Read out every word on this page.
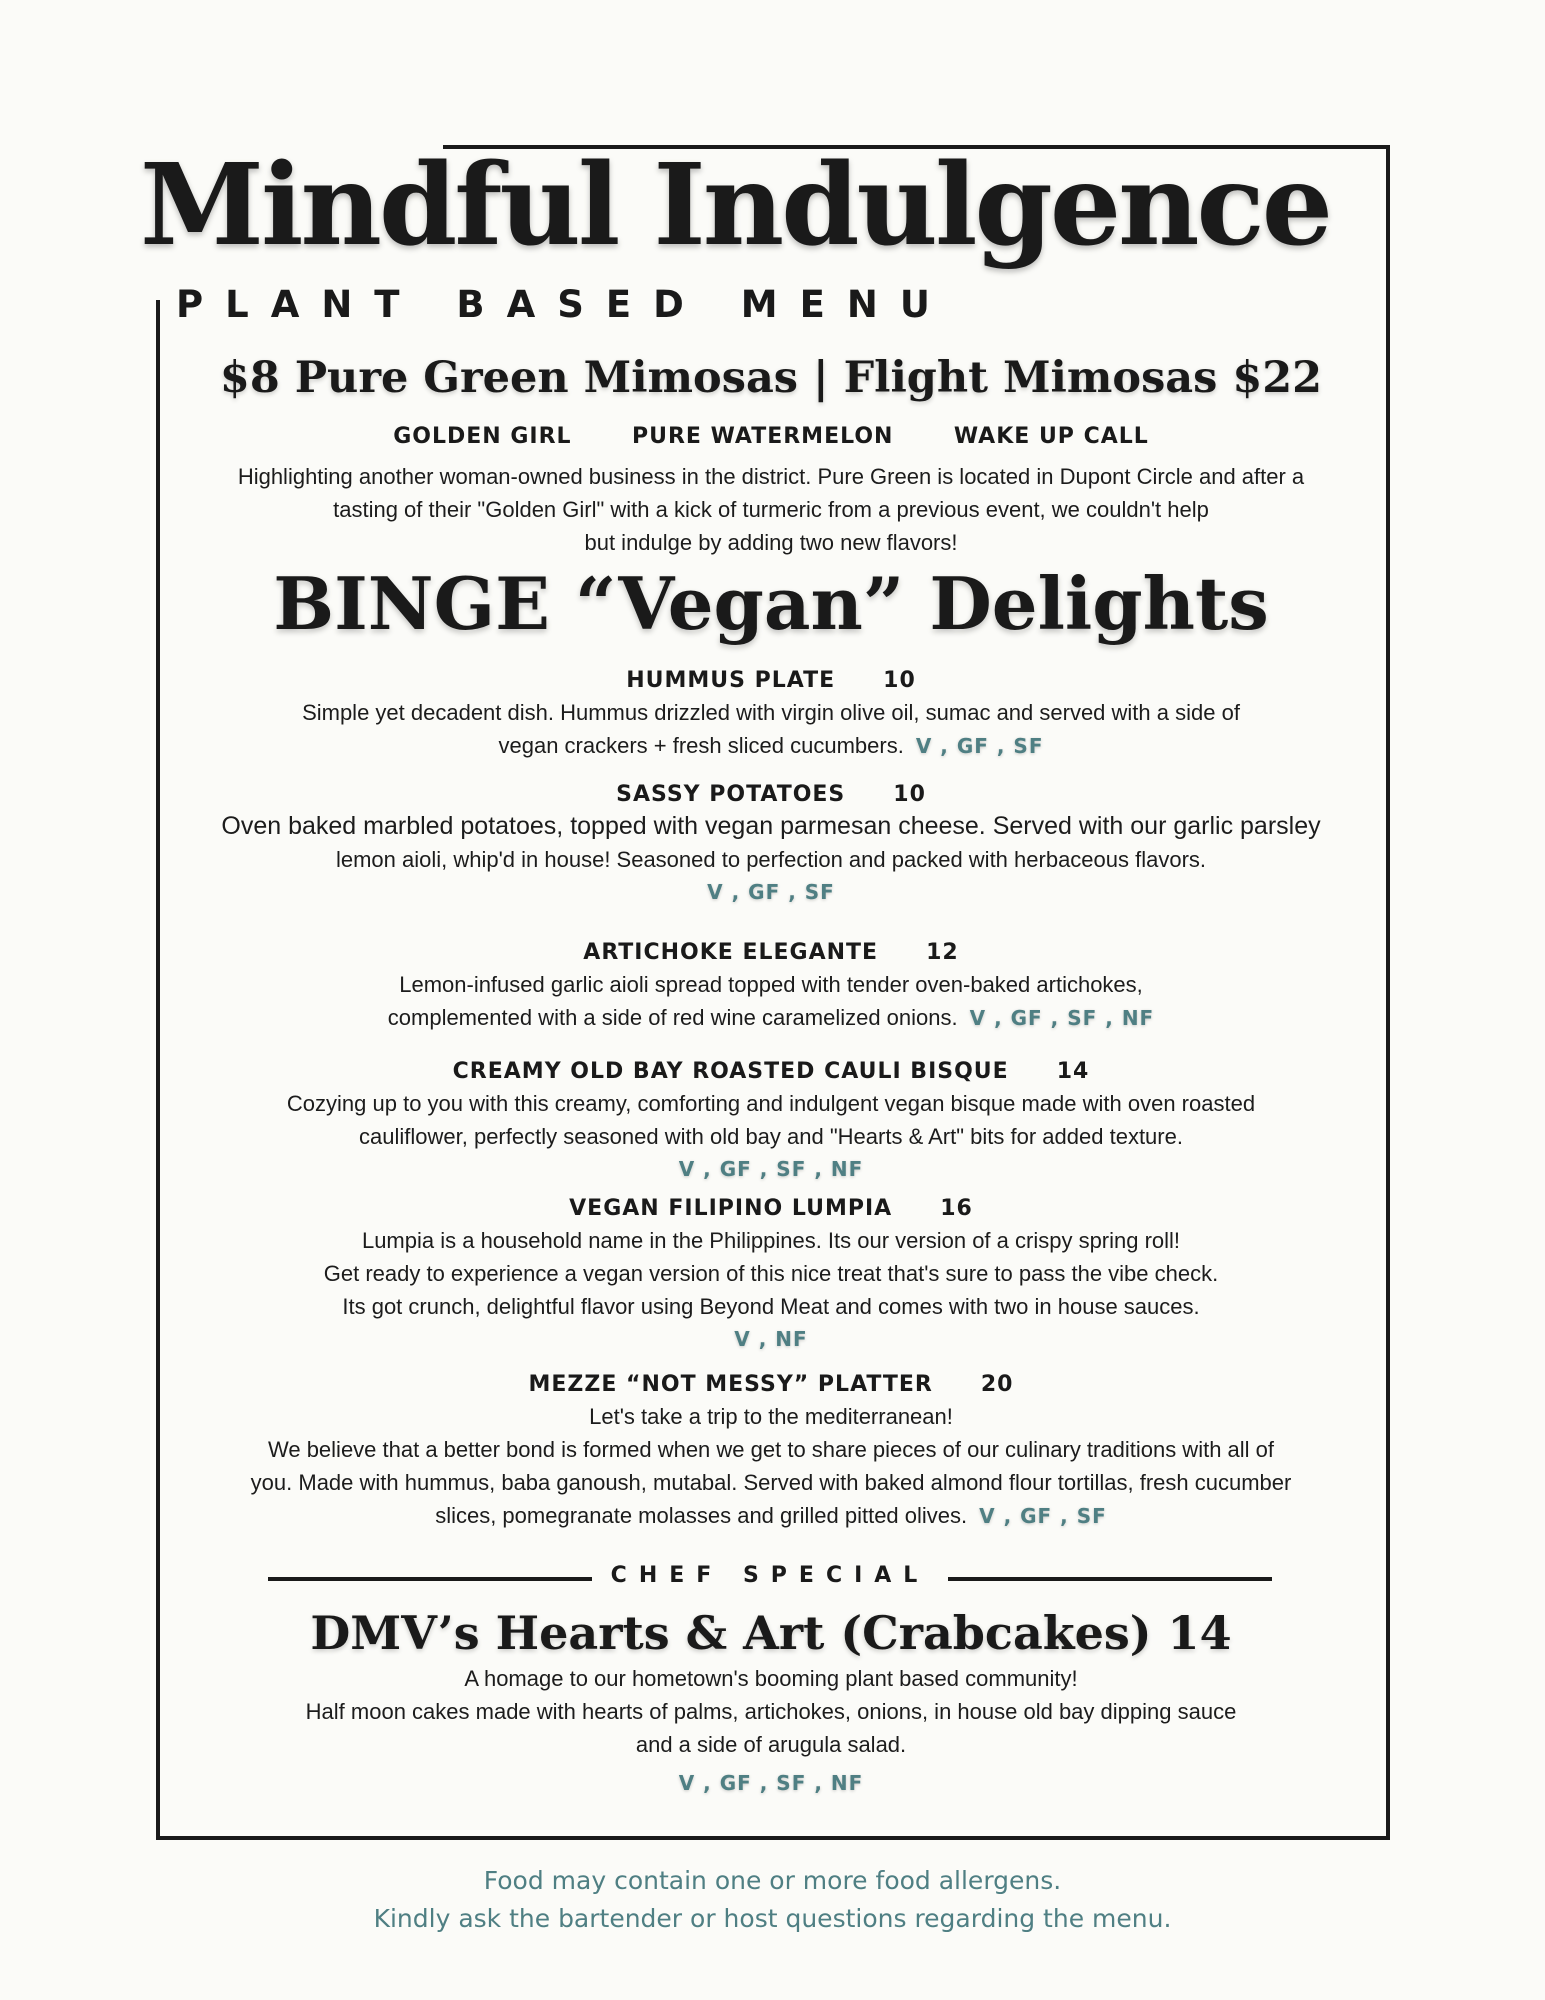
Mindful Indulgence
PLANT BASED MENU
$8 Pure Green Mimosas | Flight Mimosas $22
GOLDEN GIRL	PURE WATERMELON	WAKE UP CALL
Highlighting another woman-owned business in the district. Pure Green is located in Dupont Circle and after a
tasting of their "Golden Girl" with a kick of turmeric from a previous event, we couldn't help
but indulge by adding two new flavors!
BINGE “Vegan” Delights
HUMMUS PLATE 10
Simple yet decadent dish. Hummus drizzled with virgin olive oil, sumac and served with a side of
vegan crackers + fresh sliced cucumbers. V , GF , SF
SASSY POTATOES 10
Oven baked marbled potatoes, topped with vegan parmesan cheese. Served with our garlic parsley
lemon aioli, whip'd in house! Seasoned to perfection and packed with herbaceous flavors.
V , GF , SF
ARTICHOKE ELEGANTE 12
Lemon-infused garlic aioli spread topped with tender oven-baked artichokes,
complemented with a side of red wine caramelized onions. V , GF , SF , NF
CREAMY OLD BAY ROASTED CAULI BISQUE 14
Cozying up to you with this creamy, comforting and indulgent vegan bisque made with oven roasted
cauliflower, perfectly seasoned with old bay and "Hearts & Art" bits for added texture.
V , GF , SF , NF
VEGAN FILIPINO LUMPIA 16
Lumpia is a household name in the Philippines. Its our version of a crispy spring roll!
Get ready to experience a vegan version of this nice treat that's sure to pass the vibe check.
Its got crunch, delightful flavor using Beyond Meat and comes with two in house sauces.
V , NF
MEZZE “NOT MESSY” PLATTER 20
Let's take a trip to the mediterranean!
We believe that a better bond is formed when we get to share pieces of our culinary traditions with all of
you. Made with hummus, baba ganoush, mutabal. Served with baked almond flour tortillas, fresh cucumber
slices, pomegranate molasses and grilled pitted olives. V , GF , SF
CHEF SPECIAL
DMV’s Hearts & Art (Crabcakes) 14
A homage to our hometown's booming plant based community!
Half moon cakes made with hearts of palms, artichokes, onions, in house old bay dipping sauce
and a side of arugula salad.
V , GF , SF , NF
Food may contain one or more food allergens.
Kindly ask the bartender or host questions regarding the menu.
